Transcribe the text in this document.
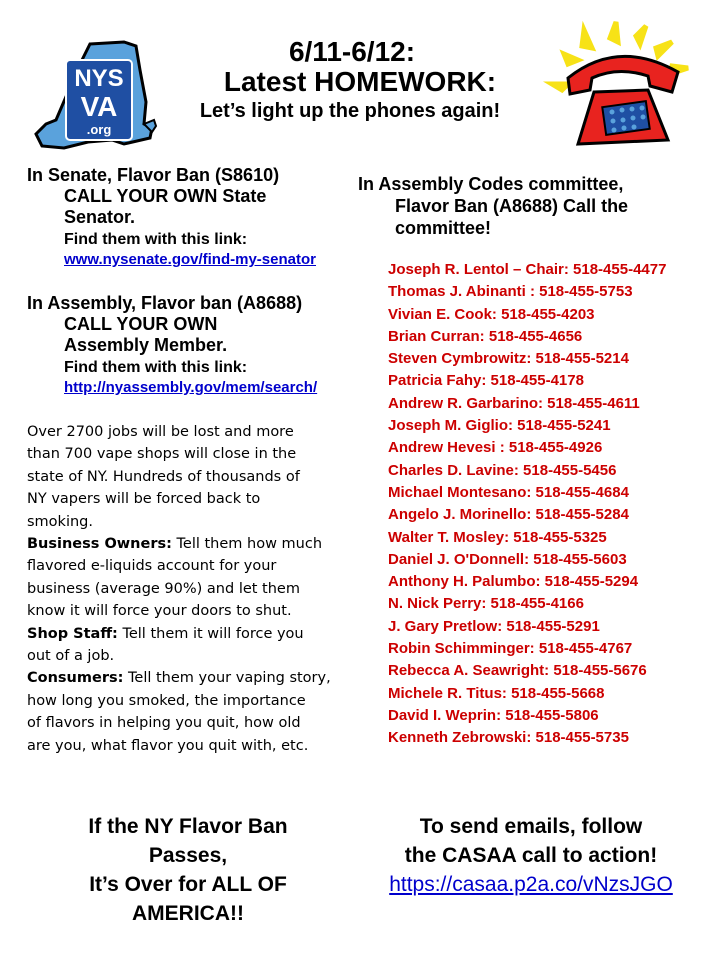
NYS
VA
.org
6/11-6/12:
Latest HOMEWORK:
Let’s light up the phones again!
In Senate, Flavor Ban (S8610)
CALL YOUR OWN State
Senator.
Find them with this link:
www.nysenate.gov/find-my-senator
In Assembly, Flavor ban (A8688)
CALL YOUR OWN
Assembly Member.
Find them with this link:
http://nyassembly.gov/mem/search/
Over 2700 jobs will be lost and more
than 700 vape shops will close in the
state of NY. Hundreds of thousands of
NY vapers will be forced back to
smoking.
Business Owners: Tell them how much
flavored e-liquids account for your
business (average 90%) and let them
know it will force your doors to shut.
Shop Staff: Tell them it will force you
out of a job.
Consumers: Tell them your vaping story,
how long you smoked, the importance
of flavors in helping you quit, how old
are you, what flavor you quit with, etc.
In Assembly Codes committee,
Flavor Ban (A8688) Call the
committee!
Joseph R. Lentol – Chair: 518-455-4477
Thomas J. Abinanti : 518-455-5753
Vivian E. Cook: 518-455-4203
Brian Curran: 518-455-4656
Steven Cymbrowitz: 518-455-5214
Patricia Fahy: 518-455-4178
Andrew R. Garbarino: 518-455-4611
Joseph M. Giglio: 518-455-5241
Andrew Hevesi : 518-455-4926
Charles D. Lavine: 518-455-5456
Michael Montesano: 518-455-4684
Angelo J. Morinello: 518-455-5284
Walter T. Mosley: 518-455-5325
Daniel J. O'Donnell: 518-455-5603
Anthony H. Palumbo: 518-455-5294
N. Nick Perry: 518-455-4166
J. Gary Pretlow: 518-455-5291
Robin Schimminger: 518-455-4767
Rebecca A. Seawright: 518-455-5676
Michele R. Titus: 518-455-5668
David I. Weprin: 518-455-5806
Kenneth Zebrowski: 518-455-5735
If the NY Flavor Ban
Passes,
It’s Over for ALL OF
AMERICA!!
To send emails, follow
the CASAA call to action!
https://casaa.p2a.co/vNzsJGO
